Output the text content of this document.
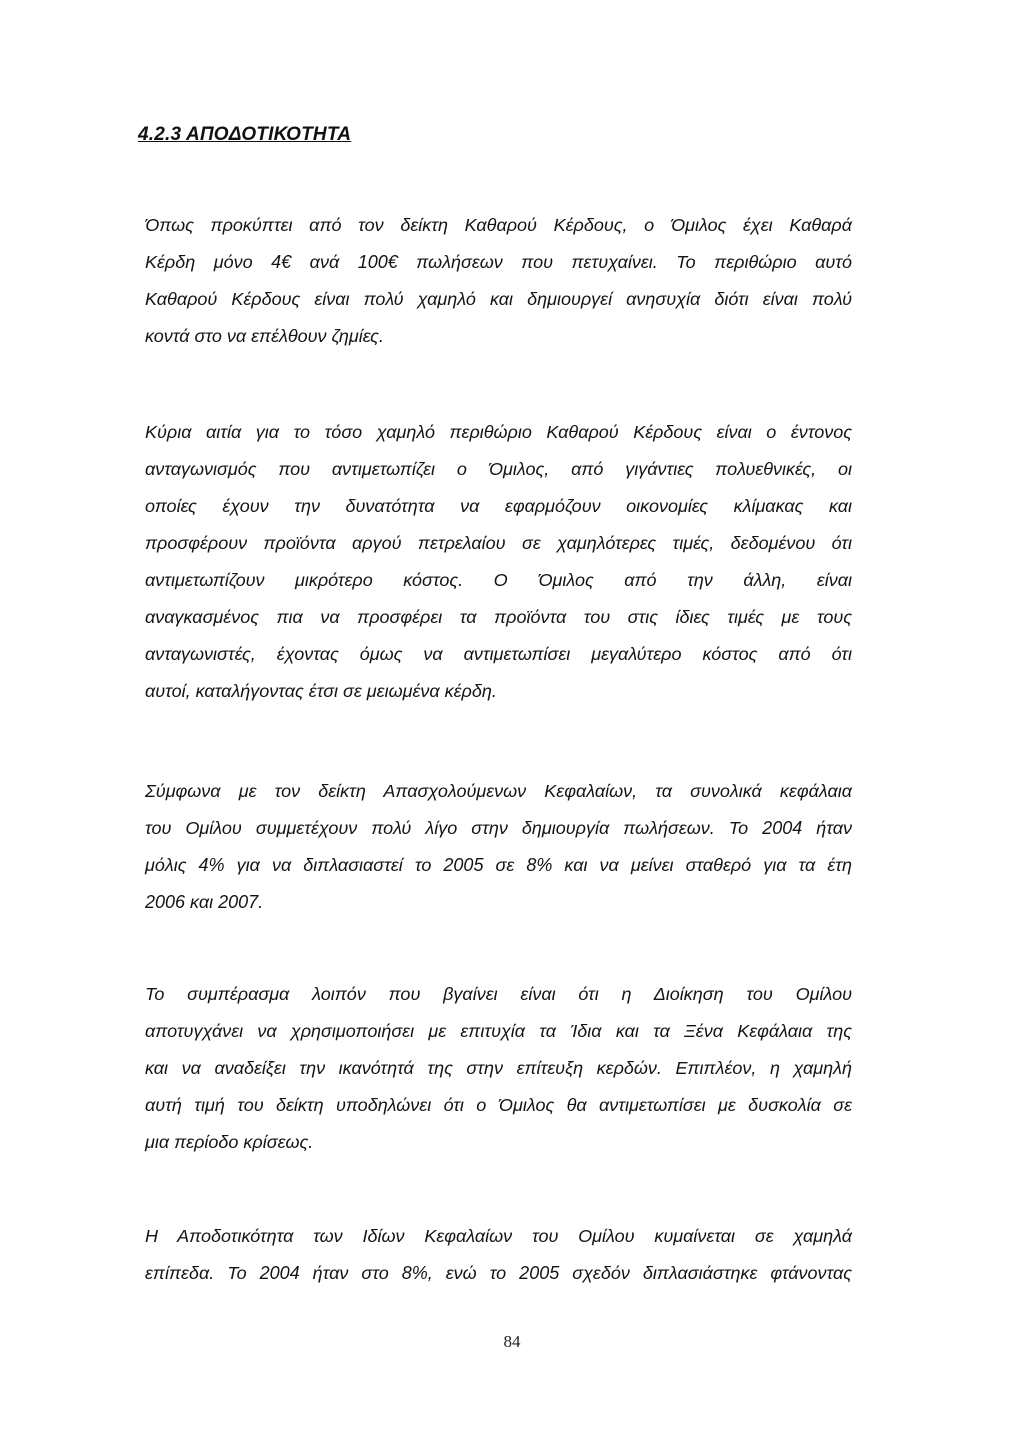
4.2.3 ΑΠΟΔΟΤΙΚΟΤΗΤΑ
Όπως προκύπτει από τον δείκτη Καθαρού Κέρδους, ο Όμιλος έχει Καθαρά
Κέρδη μόνο 4€ ανά 100€ πωλήσεων που πετυχαίνει. Το περιθώριο αυτό
Καθαρού Κέρδους είναι πολύ χαμηλό και δημιουργεί ανησυχία διότι είναι πολύ
κοντά στο να επέλθουν ζημίες.
Κύρια αιτία για το τόσο χαμηλό περιθώριο Καθαρού Κέρδους είναι ο έντονος
ανταγωνισμός που αντιμετωπίζει ο Όμιλος, από γιγάντιες πολυεθνικές, οι
οποίες έχουν την δυνατότητα να εφαρμόζουν οικονομίες κλίμακας και
προσφέρουν προϊόντα αργού πετρελαίου σε χαμηλότερες τιμές, δεδομένου ότι
αντιμετωπίζουν μικρότερο κόστος. Ο Όμιλος από την άλλη, είναι
αναγκασμένος πια να προσφέρει τα προϊόντα του στις ίδιες τιμές με τους
ανταγωνιστές, έχοντας όμως να αντιμετωπίσει μεγαλύτερο κόστος από ότι
αυτοί, καταλήγοντας έτσι σε μειωμένα κέρδη.
Σύμφωνα με τον δείκτη Απασχολούμενων Κεφαλαίων, τα συνολικά κεφάλαια
του Ομίλου συμμετέχουν πολύ λίγο στην δημιουργία πωλήσεων. Το 2004 ήταν
μόλις 4% για να διπλασιαστεί το 2005 σε 8% και να μείνει σταθερό για τα έτη
2006 και 2007.
Το συμπέρασμα λοιπόν που βγαίνει είναι ότι η Διοίκηση του Ομίλου
αποτυγχάνει να χρησιμοποιήσει με επιτυχία τα Ίδια και τα Ξένα Κεφάλαια της
και να αναδείξει την ικανότητά της στην επίτευξη κερδών. Επιπλέον, η χαμηλή
αυτή τιμή του δείκτη υποδηλώνει ότι ο Όμιλος θα αντιμετωπίσει με δυσκολία σε
μια περίοδο κρίσεως.
Η Αποδοτικότητα των Ιδίων Κεφαλαίων του Ομίλου κυμαίνεται σε χαμηλά
επίπεδα. Το 2004 ήταν στο 8%, ενώ το 2005 σχεδόν διπλασιάστηκε φτάνοντας
84
